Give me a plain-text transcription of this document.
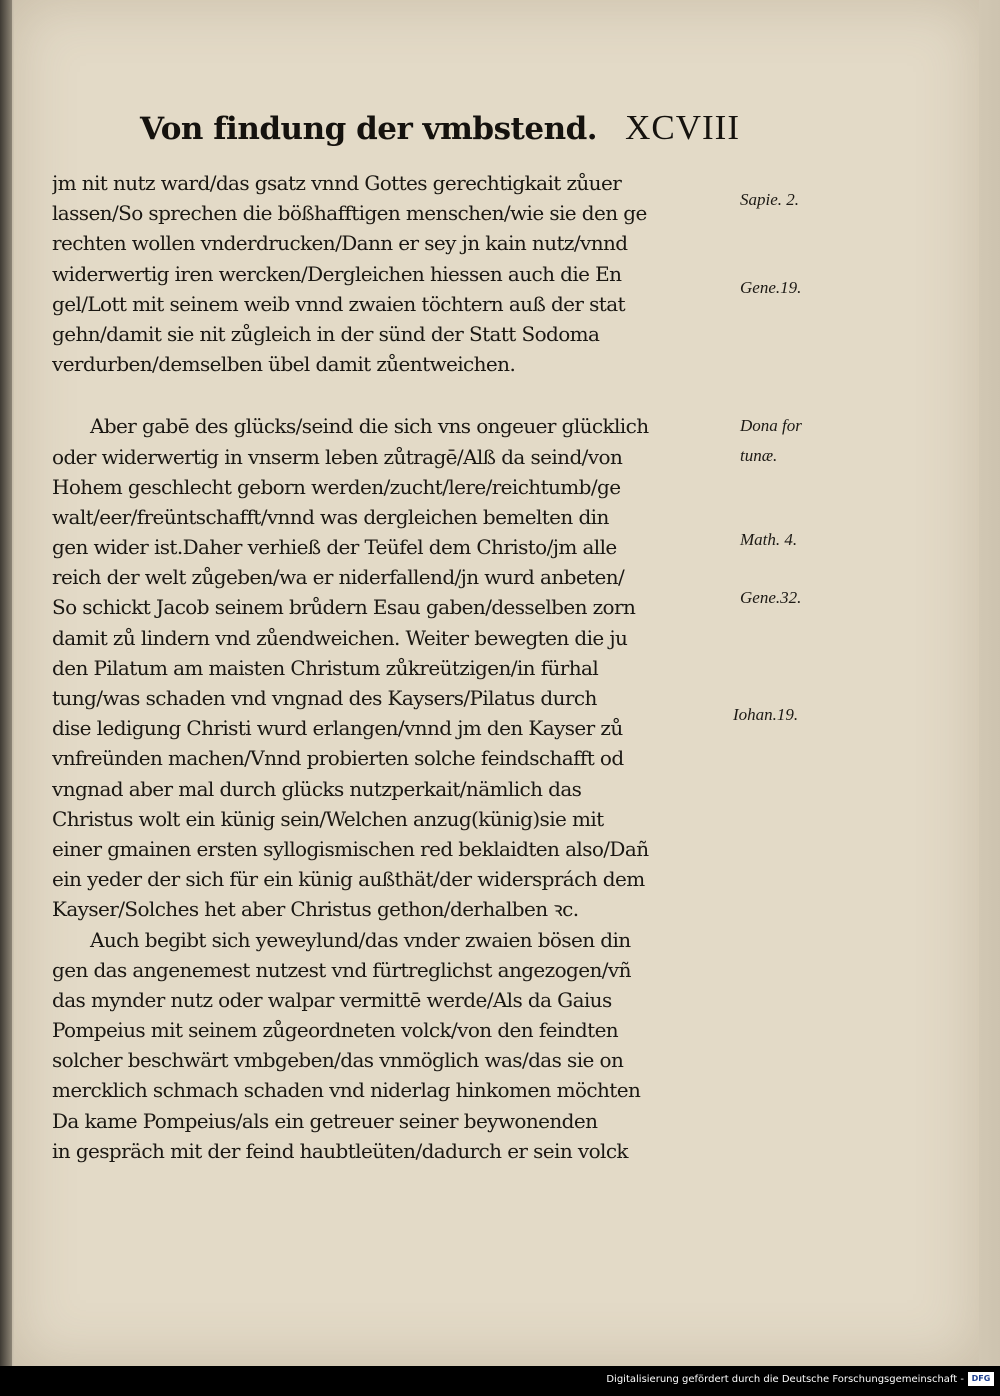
Von findung der vmbstend. XCVIII
jm nit nutz ward/das gsatz vnnd Gottes gerechtigkait zůuer
lassen/So sprechen die bößhafftigen menschen/wie sie den ge
rechten wollen vnderdrucken/Dann er sey jn kain nutz/vnnd
widerwertig iren wercken/Dergleichen hiessen auch die En
gel/Lott mit seinem weib vnnd zwaien töchtern auß der stat
gehn/damit sie nit zůgleich in der sünd der Statt Sodoma
verdurben/demselben übel damit zůentweichen.
Aber gabē des glücks/seind die sich vns ongeuer glücklich
oder widerwertig in vnserm leben zůtragē/Alß da seind/von
Hohem geschlecht geborn werden/zucht/lere/reichtumb/ge
walt/eer/freüntschafft/vnnd was dergleichen bemelten din
gen wider ist.Daher verhieß der Teüfel dem Christo/jm alle
reich der welt zůgeben/wa er niderfallend/jn wurd anbeten/
So schickt Jacob seinem brůdern Esau gaben/desselben zorn
damit zů lindern vnd zůendweichen. Weiter bewegten die ju
den Pilatum am maisten Christum zůkreützigen/in fürhal
tung/was schaden vnd vngnad des Kaysers/Pilatus durch
dise ledigung Christi wurd erlangen/vnnd jm den Kayser zů
vnfreünden machen/Vnnd probierten solche feindschafft od
vngnad aber mal durch glücks nutzperkait/nämlich das
Christus wolt ein künig sein/Welchen anzug(künig)sie mit
einer gmainen ersten syllogismischen red beklaidten also/Dañ
ein yeder der sich für ein künig außthät/der widersprách dem
Kayser/Solches het aber Christus gethon/derhalben ꝛc.
Auch begibt sich yeweylund/das vnder zwaien bösen din
gen das angenemest nutzest vnd fürtreglichst angezogen/vñ
das mynder nutz oder walpar vermittē werde/Als da Gaius
Pompeius mit seinem zůgeordneten volck/von den feindten
solcher beschwärt vmbgeben/das vnmöglich was/das sie on
mercklich schmach schaden vnd niderlag hinkomen möchten
Da kame Pompeius/als ein getreuer seiner beywonenden
in gespräch mit der feind haubtleüten/dadurch er sein volck
Sapie. 2.
Gene.19.
Dona for
tunæ.
Math. 4.
Gene.32.
Iohan.19.
Digitalisierung gefördert durch die Deutsche Forschungsgemeinschaft - DFG
